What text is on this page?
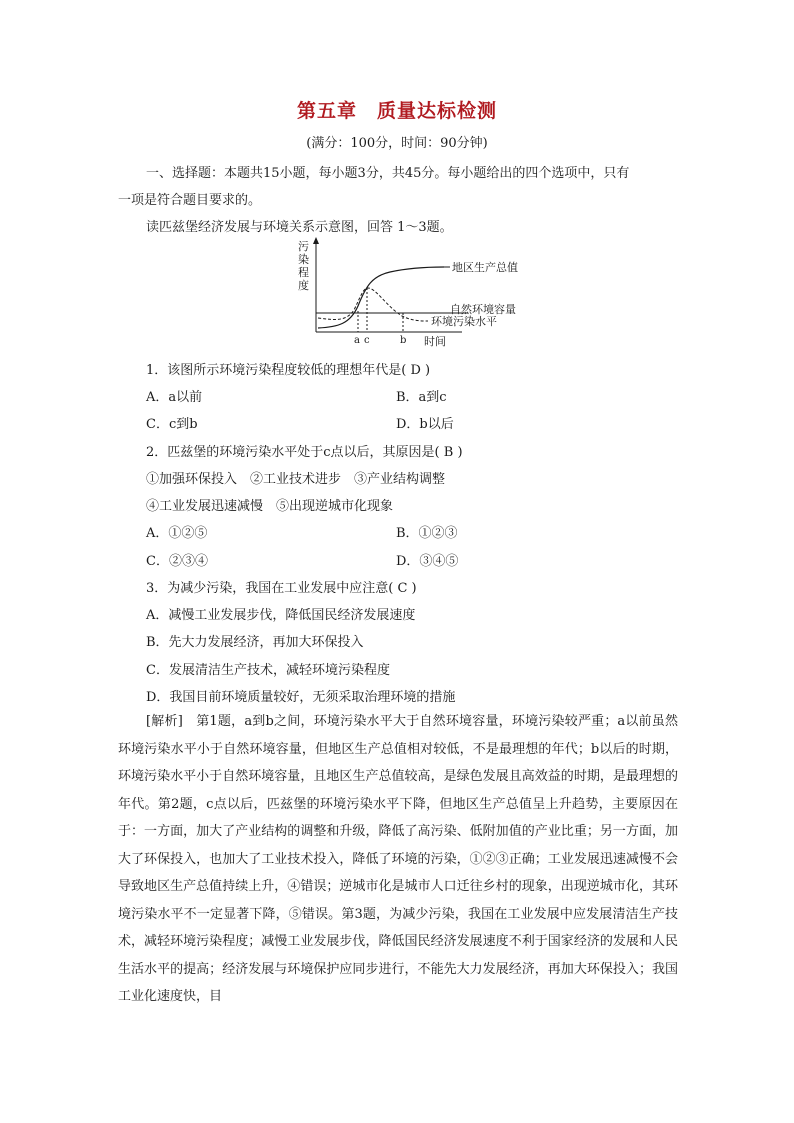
第五章　质量达标检测
(满分：100分，时间：90分钟)
一、选择题：本题共15小题，每小题3分，共45分。每小题给出的四个选项中，只有
一项是符合题目要求的。
读匹兹堡经济发展与环境关系示意图，回答 1～3题。
污
染
程
度
a c	b 时间
地区生产总值
自然环境容量
环境污染水平
1．该图所示环境污染程度较低的理想年代是( D )
A．a以前	B．a到c
C．c到b	D．b以后
2．匹兹堡的环境污染水平处于c点以后，其原因是( B )
①加强环保投入　②工业技术进步　③产业结构调整
④工业发展迅速减慢　⑤出现逆城市化现象
A．①②⑤	B．①②③
C．②③④	D．③④⑤
3．为减少污染，我国在工业发展中应注意( C )
A．减慢工业发展步伐，降低国民经济发展速度
B．先大力发展经济，再加大环保投入
C．发展清洁生产技术，减轻环境污染程度
D．我国目前环境质量较好，无须采取治理环境的措施
[解析]　第1题，a到b之间，环境污染水平大于自然环境容量，环境污染较严重；a以前虽然环境污染水平小于自然环境容量，但地区生产总值相对较低，不是最理想的年代；b以后的时期，环境污染水平小于自然环境容量，且地区生产总值较高，是绿色发展且高效益的时期，是最理想的年代。第2题，c点以后，匹兹堡的环境污染水平下降，但地区生产总值呈上升趋势，主要原因在于：一方面，加大了产业结构的调整和升级，降低了高污染、低附加值的产业比重；另一方面，加大了环保投入，也加大了工业技术投入，降低了环境的污染，①②③正确；工业发展迅速减慢不会导致地区生产总值持续上升，④错误；逆城市化是城市人口迁往乡村的现象，出现逆城市化，其环境污染水平不一定显著下降，⑤错误。第3题，为减少污染，我国在工业发展中应发展清洁生产技术，减轻环境污染程度；减慢工业发展步伐，降低国民经济发展速度不利于国家经济的发展和人民生活水平的提高；经济发展与环境保护应同步进行，不能先大力发展经济，再加大环保投入；我国工业化速度快，目
